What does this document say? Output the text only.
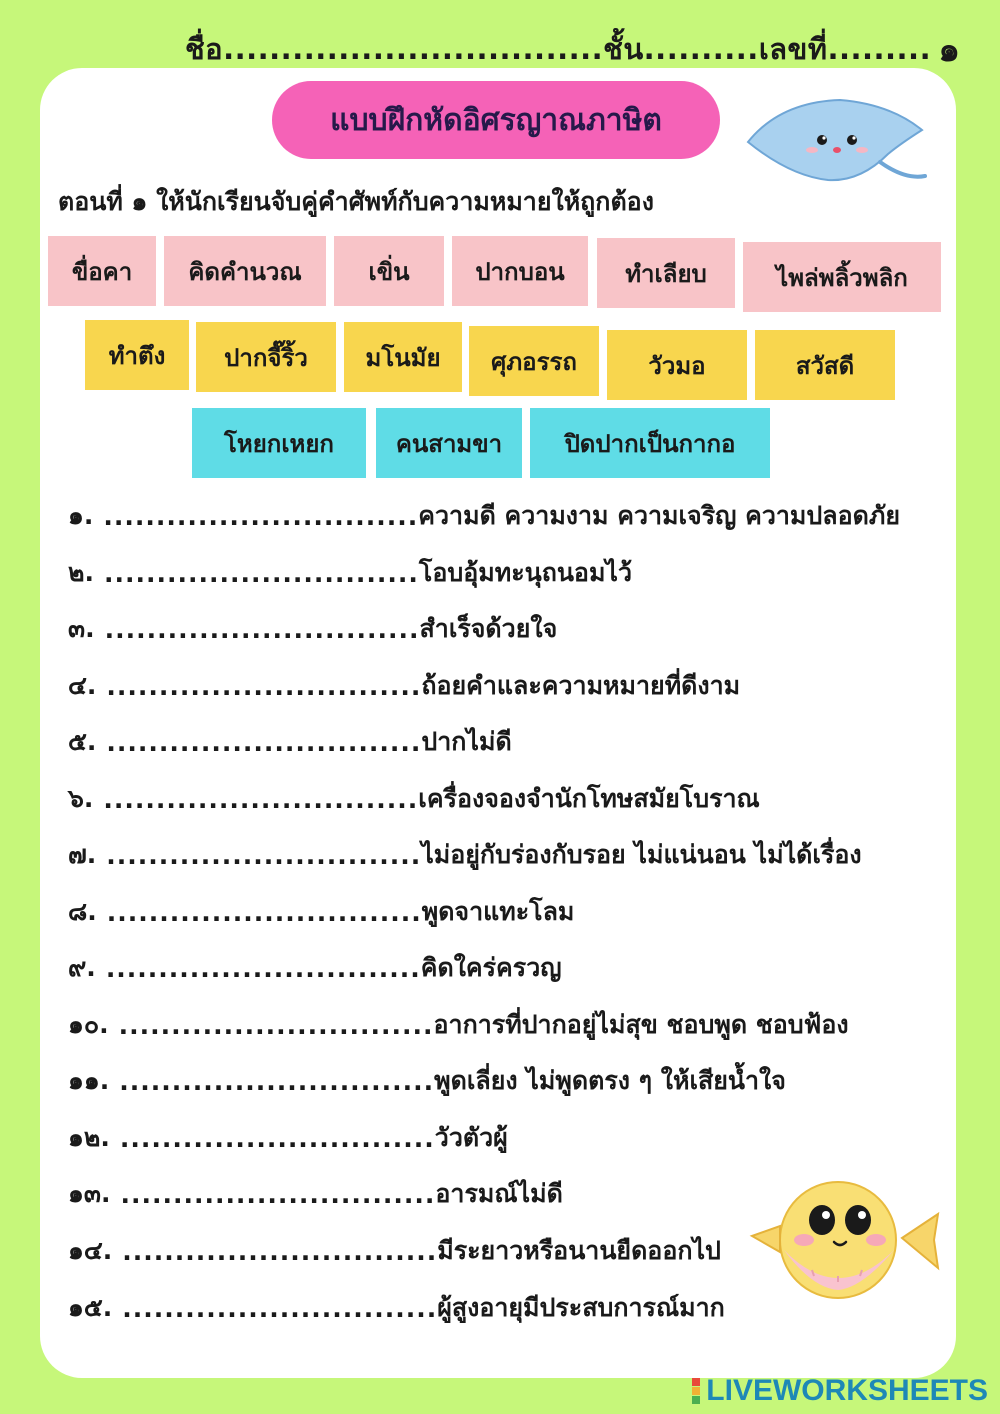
ชื่อ.................................ชั้น..........เลขที่......... ๑
แบบฝึกหัดอิศรญาณภาษิต
ตอนที่ ๑ ให้นักเรียนจับคู่คำศัพท์กับความหมายให้ถูกต้อง
ขื่อคา	คิดคำนวณ	เขิ่น	ปากบอน	ทำเลียบ	ไพล่พลิ้วพลิก
ทำตึง	ปากจี๊ริ้ว	มโนมัย	ศุภอรรถ	วัวมอ	สวัสดี
โหยกเหยก	คนสามขา	ปิดปากเป็นกากอ
๑. .............................. ความดี ความงาม ความเจริญ ความปลอดภัย
๒. .............................. โอบอุ้มทะนุถนอมไว้
๓. .............................. สำเร็จด้วยใจ
๔. .............................. ถ้อยคำและความหมายที่ดีงาม
๕. .............................. ปากไม่ดี
๖. .............................. เครื่องจองจำนักโทษสมัยโบราณ
๗. .............................. ไม่อยู่กับร่องกับรอย ไม่แน่นอน ไม่ได้เรื่อง
๘. .............................. พูดจาแทะโลม
๙. .............................. คิดใคร่ครวญ
๑๐. .............................. อาการที่ปากอยู่ไม่สุข ชอบพูด ชอบฟ้อง
๑๑. .............................. พูดเลี่ยง ไม่พูดตรง ๆ ให้เสียน้ำใจ
๑๒. .............................. วัวตัวผู้
๑๓. .............................. อารมณ์ไม่ดี
๑๔. .............................. มีระยาวหรือนานยืดออกไป
๑๕. .............................. ผู้สูงอายุมีประสบการณ์มาก
LIVEWORKSHEETS
